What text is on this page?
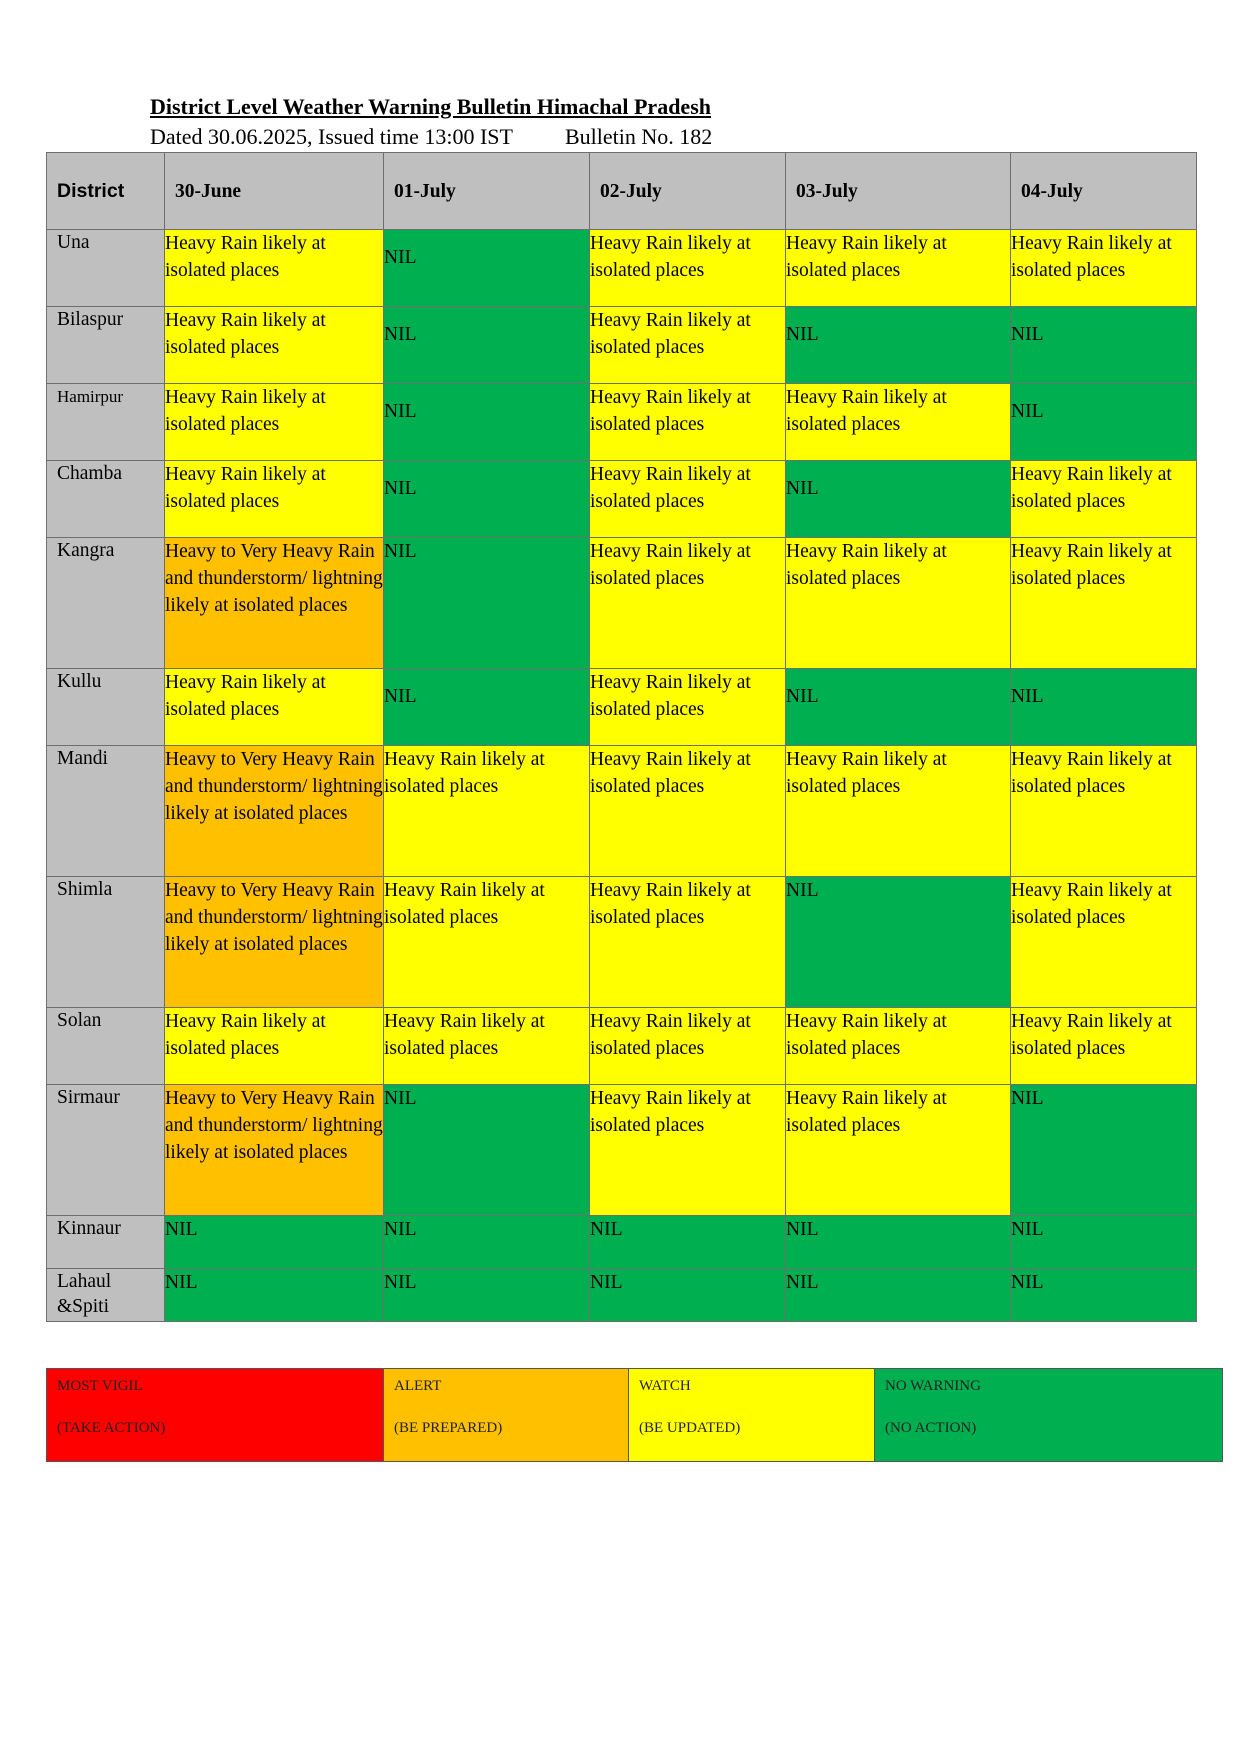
District Level Weather Warning Bulletin Himachal Pradesh
Dated 30.06.2025, Issued time 13:00 IST Bulletin No. 182
District	30-June	01-July	02-July	03-July	04-July

Una	Heavy Rain likely at isolated places	NIL	Heavy Rain likely at isolated places	Heavy Rain likely at isolated places	Heavy Rain likely at isolated places

Bilaspur	Heavy Rain likely at isolated places	NIL	Heavy Rain likely at isolated places	NIL	NIL

Hamirpur	Heavy Rain likely at isolated places	NIL	Heavy Rain likely at isolated places	Heavy Rain likely at isolated places	NIL

Chamba	Heavy Rain likely at isolated places	NIL	Heavy Rain likely at isolated places	NIL	Heavy Rain likely at isolated places

Kangra	Heavy to Very Heavy Rain and thunderstorm/ lightning likely at isolated places	NIL	Heavy Rain likely at isolated places	Heavy Rain likely at isolated places	Heavy Rain likely at isolated places

Kullu	Heavy Rain likely at isolated places	NIL	Heavy Rain likely at isolated places	NIL	NIL

Mandi	Heavy to Very Heavy Rain and thunderstorm/ lightning likely at isolated places	Heavy Rain likely at isolated places	Heavy Rain likely at isolated places	Heavy Rain likely at isolated places	Heavy Rain likely at isolated places

Shimla	Heavy to Very Heavy Rain and thunderstorm/ lightning likely at isolated places	Heavy Rain likely at isolated places	Heavy Rain likely at isolated places	NIL	Heavy Rain likely at isolated places

Solan	Heavy Rain likely at isolated places	Heavy Rain likely at isolated places	Heavy Rain likely at isolated places	Heavy Rain likely at isolated places	Heavy Rain likely at isolated places

Sirmaur	Heavy to Very Heavy Rain and thunderstorm/ lightning likely at isolated places	NIL	Heavy Rain likely at isolated places	Heavy Rain likely at isolated places	NIL

Kinnaur	NIL	NIL	NIL	NIL	NIL

Lahaul &Spiti	NIL	NIL	NIL	NIL	NIL
MOST VIGIL
(TAKE ACTION)

ALERT
(BE PREPARED)

WATCH
(BE UPDATED)

NO WARNING
(NO ACTION)
